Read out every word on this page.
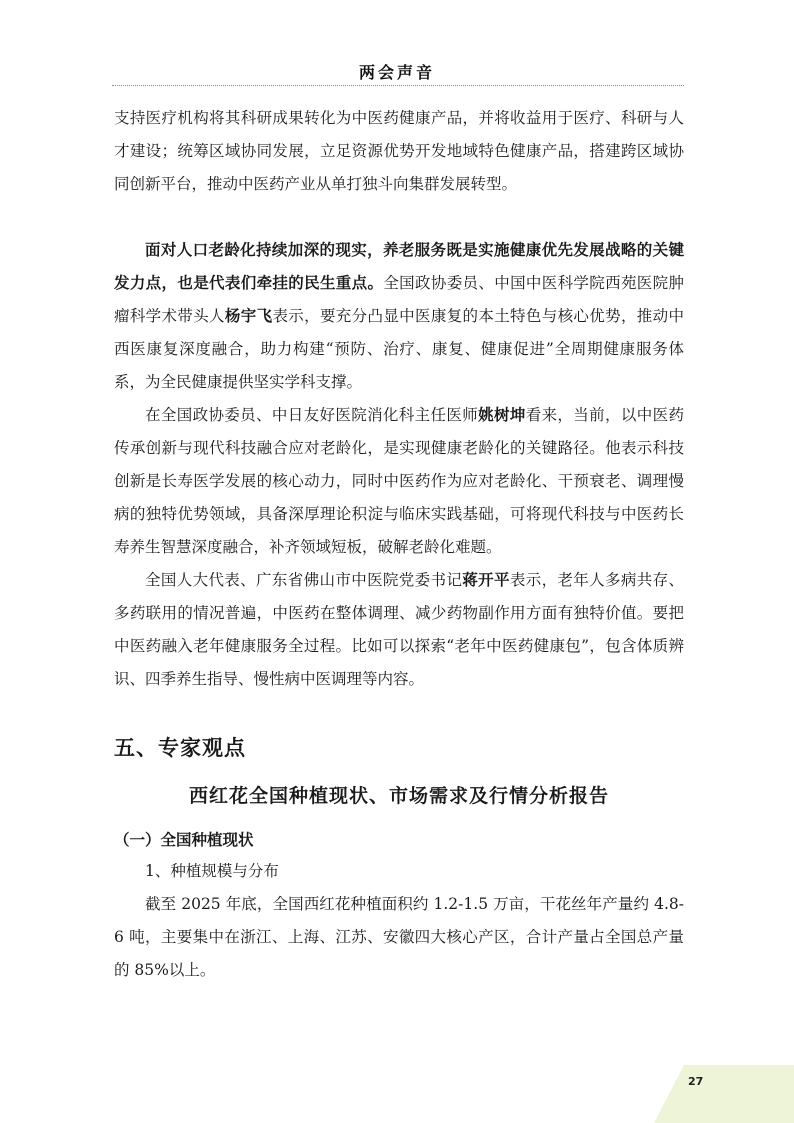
两会声音

支持医疗机构将其科研成果转化为中医药健康产品，并将收益用于医疗、科研与人才建设；统筹区域协同发展，立足资源优势开发地域特色健康产品，搭建跨区域协同创新平台，推动中医药产业从单打独斗向集群发展转型。

面对人口老龄化持续加深的现实，养老服务既是实施健康优先发展战略的关键发力点，也是代表们牵挂的民生重点。全国政协委员、中国中医科学院西苑医院肿瘤科学术带头人杨宇飞表示，要充分凸显中医康复的本土特色与核心优势，推动中西医康复深度融合，助力构建“预防、治疗、康复、健康促进”全周期健康服务体系，为全民健康提供坚实学科支撑。

在全国政协委员、中日友好医院消化科主任医师姚树坤看来，当前，以中医药传承创新与现代科技融合应对老龄化，是实现健康老龄化的关键路径。他表示科技创新是长寿医学发展的核心动力，同时中医药作为应对老龄化、干预衰老、调理慢病的独特优势领域，具备深厚理论积淀与临床实践基础，可将现代科技与中医药长寿养生智慧深度融合，补齐领域短板，破解老龄化难题。

全国人大代表、广东省佛山市中医院党委书记蒋开平表示，老年人多病共存、多药联用的情况普遍，中医药在整体调理、减少药物副作用方面有独特价值。要把中医药融入老年健康服务全过程。比如可以探索“老年中医药健康包”，包含体质辨识、四季养生指导、慢性病中医调理等内容。

五、专家观点

西红花全国种植现状、市场需求及行情分析报告

（一）全国种植现状

1、种植规模与分布

截至 2025 年底，全国西红花种植面积约 1.2-1.5 万亩，干花丝年产量约 4.8-6 吨，主要集中在浙江、上海、江苏、安徽四大核心产区，合计产量占全国总产量的 85%以上。

27
